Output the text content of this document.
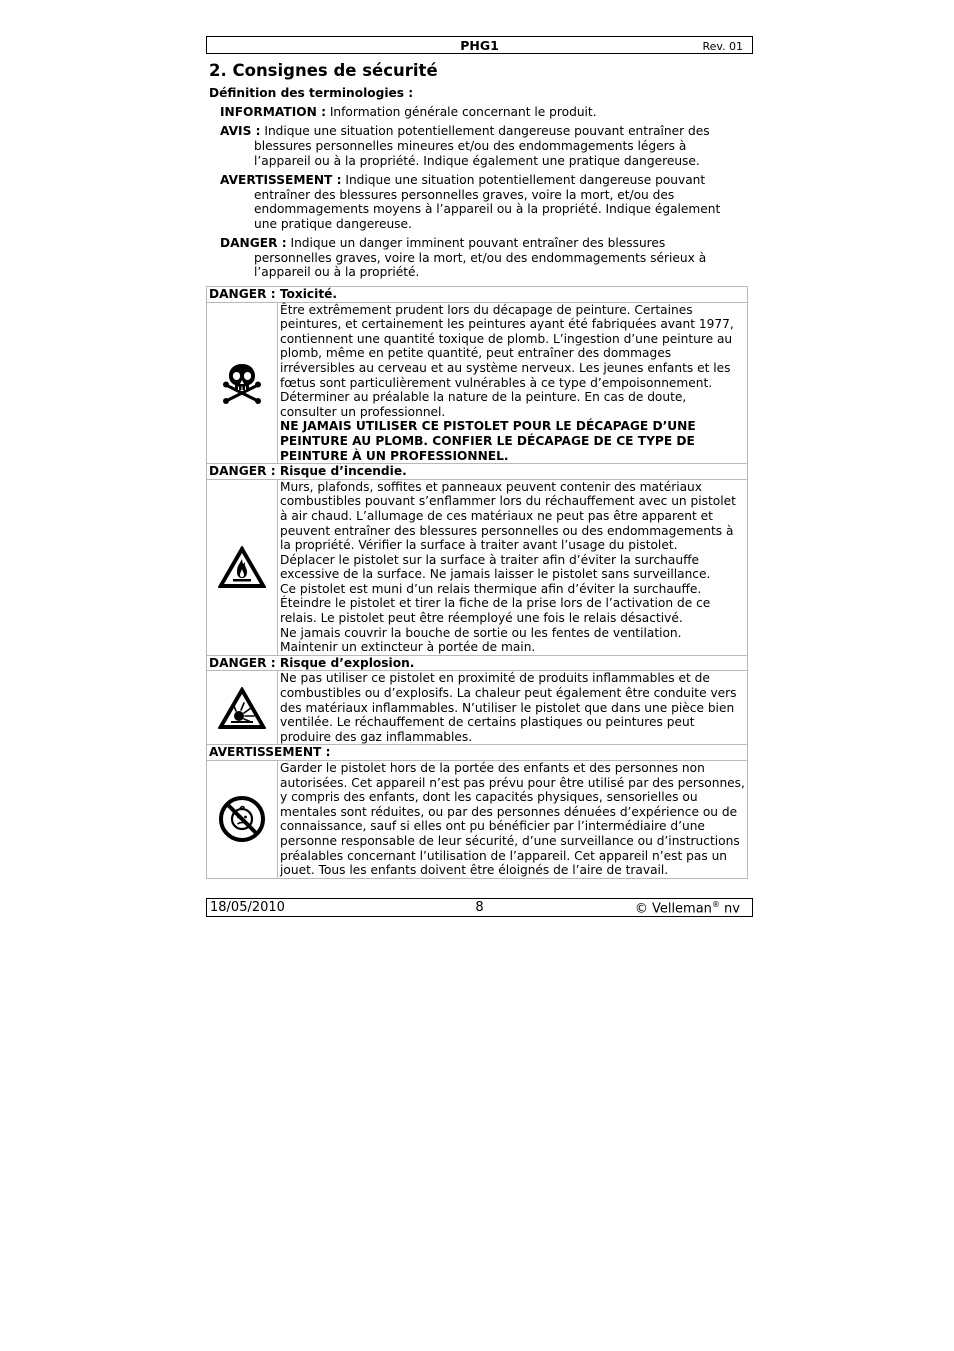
PHG1	Rev. 01
2. Consignes de sécurité
Définition des terminologies :
INFORMATION : Information générale concernant le produit.
AVIS : Indique une situation potentiellement dangereuse pouvant entraîner des blessures personnelles mineures et/ou des endommagements légers à l’appareil ou à la propriété. Indique également une pratique dangereuse.
AVERTISSEMENT : Indique une situation potentiellement dangereuse pouvant entraîner des blessures personnelles graves, voire la mort, et/ou des endommagements moyens à l’appareil ou à la propriété. Indique également une pratique dangereuse.
DANGER : Indique un danger imminent pouvant entraîner des blessures personnelles graves, voire la mort, et/ou des endommagements sérieux à l’appareil ou à la propriété.
DANGER : Toxicité.	

Être extrêmement prudent lors du décapage de peinture. Certaines peintures, et certainement les peintures ayant été fabriquées avant 1977, contiennent une quantité toxique de plomb. L’ingestion d’une peinture au plomb, même en petite quantité, peut entraîner des dommages irréversibles au cerveau et au système nerveux. Les jeunes enfants et les fœtus sont particulièrement vulnérables à ce type d’empoisonnement.
Déterminer au préalable la nature de la peinture. En cas de doute, consulter un professionnel.
NE JAMAIS UTILISER CE PISTOLET POUR LE DÉCAPAGE D’UNE PEINTURE AU PLOMB. CONFIER LE DÉCAPAGE DE CE TYPE DE PEINTURE À UN PROFESSIONNEL.

DANGER : Risque d’incendie.	

Murs, plafonds, soffites et panneaux peuvent contenir des matériaux combustibles pouvant s’enflammer lors du réchauffement avec un pistolet à air chaud. L’allumage de ces matériaux ne peut pas être apparent et peuvent entraîner des blessures personnelles ou des endommagements à la propriété. Vérifier la surface à traiter avant l’usage du pistolet.
Déplacer le pistolet sur la surface à traiter afin d’éviter la surchauffe excessive de la surface. Ne jamais laisser le pistolet sans surveillance.
Ce pistolet est muni d’un relais thermique afin d’éviter la surchauffe. Éteindre le pistolet et tirer la fiche de la prise lors de l’activation de ce relais. Le pistolet peut être réemployé une fois le relais désactivé.
Ne jamais couvrir la bouche de sortie ou les fentes de ventilation.
Maintenir un extincteur à portée de main.

DANGER : Risque d’explosion.	

Ne pas utiliser ce pistolet en proximité de produits inflammables et de combustibles ou d’explosifs. La chaleur peut également être conduite vers des matériaux inflammables. N’utiliser le pistolet que dans une pièce bien ventilée. Le réchauffement de certains plastiques ou peintures peut produire des gaz inflammables.

AVERTISSEMENT :	

Garder le pistolet hors de la portée des enfants et des personnes non autorisées. Cet appareil n’est pas prévu pour être utilisé par des personnes, y compris des enfants, dont les capacités physiques, sensorielles ou mentales sont réduites, ou par des personnes dénuées d’expérience ou de connaissance, sauf si elles ont pu bénéficier par l’intermédiaire d’une personne responsable de leur sécurité, d’une surveillance ou d’instructions préalables concernant l’utilisation de l’appareil. Cet appareil n’est pas un jouet. Tous les enfants doivent être éloignés de l’aire de travail.
18/05/2010	8	© Velleman® nv
